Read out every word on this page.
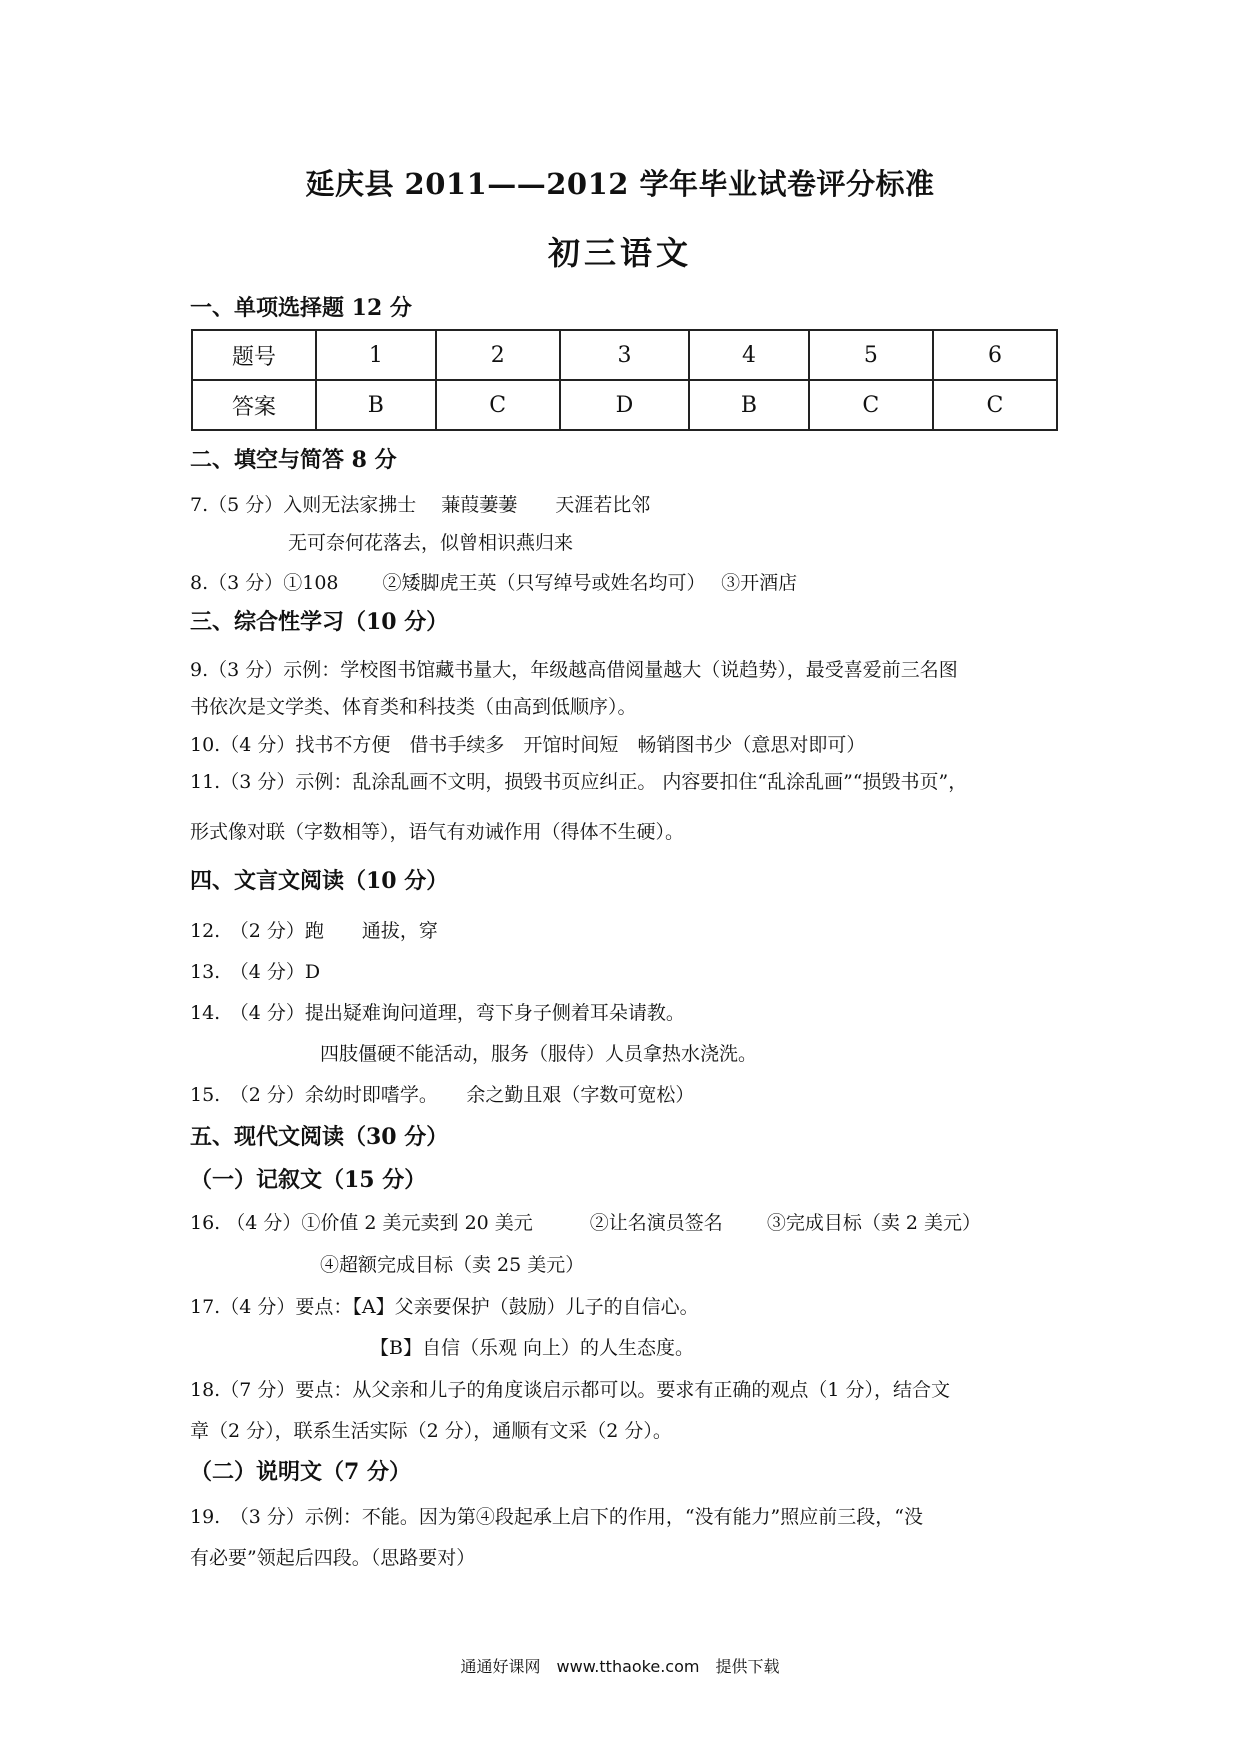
延庆县 2011——2012 学年毕业试卷评分标准
初三语文
一、单项选择题 12 分
题号	1	2	3	4	5	6
答案	B	C	D	B	C	C
二、填空与简答 8 分
7.（5 分）入则无法家拂士　 蒹葭萋萋　　天涯若比邻
无可奈何花落去，似曾相识燕归来
8.（3 分）①108　　 ②矮脚虎王英（只写绰号或姓名均可）　 ③开酒店
三、综合性学习（10 分）
9.（3 分）示例：学校图书馆藏书量大，年级越高借阅量越大（说趋势），最受喜爱前三名图
书依次是文学类、体育类和科技类（由高到低顺序）。
10.（4 分）找书不方便　借书手续多　开馆时间短　畅销图书少（意思对即可）
11.（3 分）示例：乱涂乱画不文明，损毁书页应纠正。 内容要扣住“乱涂乱画”“损毁书页”，
形式像对联（字数相等），语气有劝诫作用（得体不生硬）。
四、文言文阅读（10 分）
12.　（2 分）跑　　通拔，穿
13.　（4 分）D
14.　（4 分）提出疑难询问道理，弯下身子侧着耳朵请教。
四肢僵硬不能活动，服务（服侍）人员拿热水浇洗。
15.　（2 分）余幼时即嗜学。　　余之勤且艰（字数可宽松）
五、现代文阅读（30 分）
（一）记叙文（15 分）
16. （4 分）①价值 2 美元卖到 20 美元　　　②让名演员签名　　 ③完成目标（卖 2 美元）
④超额完成目标（卖 25 美元）
17.（4 分）要点：【A】父亲要保护（鼓励）儿子的自信心。
【B】自信（乐观 向上）的人生态度。
18.（7 分）要点：从父亲和儿子的角度谈启示都可以。要求有正确的观点（1 分），结合文
章（2 分），联系生活实际（2 分），通顺有文采（2 分）。
（二）说明文（7 分）
19.　（3 分）示例：不能。因为第④段起承上启下的作用，“没有能力”照应前三段，“没
有必要”领起后四段。（思路要对）
通通好课网　www.tthaoke.com　提供下载
